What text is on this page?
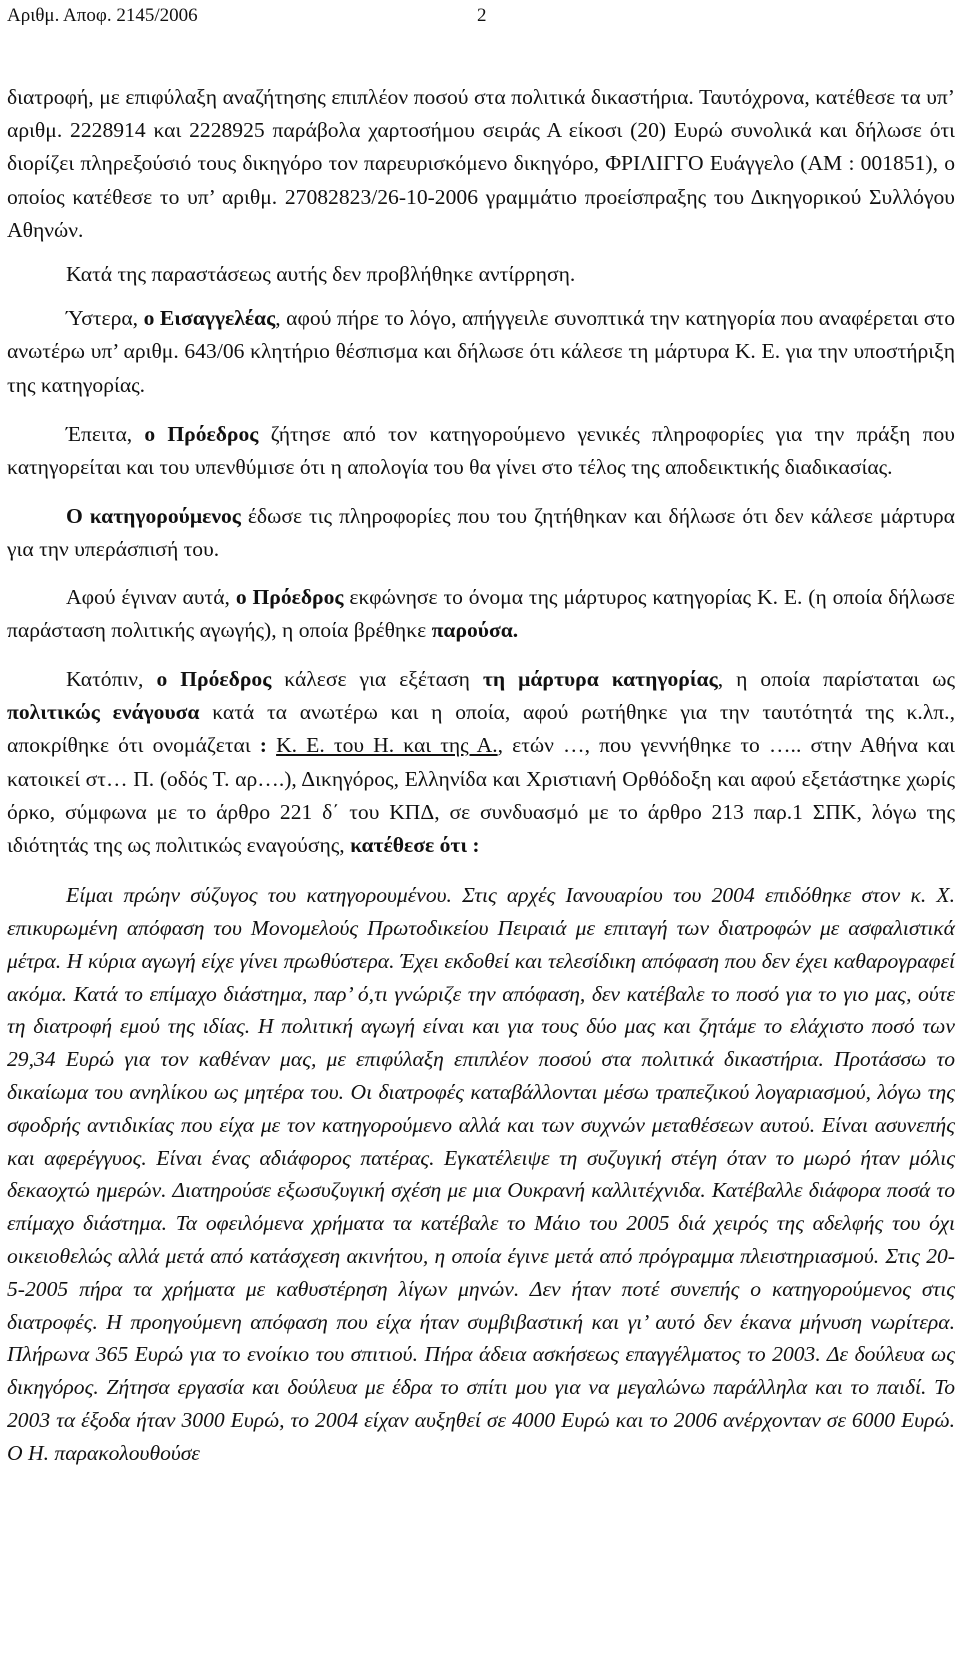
Αριθμ. Αποφ. 2145/2006	2

διατροφή, με επιφύλαξη αναζήτησης επιπλέον ποσού στα πολιτικά δικαστήρια. Ταυτόχρονα, κατέθεσε τα υπ’ αριθμ. 2228914 και 2228925 παράβολα χαρτοσήμου σειράς Α είκοσι (20) Ευρώ συνολικά και δήλωσε ότι διορίζει πληρεξούσιό τους δικηγόρο τον παρευρισκόμενο δικηγόρο, ΦΡΙΛΙΓΓΟ Ευάγγελο (ΑΜ : 001851), ο οποίος κατέθεσε το υπ’ αριθμ. 27082823/26-10-2006 γραμμάτιο προείσπραξης του Δικηγορικού Συλλόγου Αθηνών.

Κατά της παραστάσεως αυτής δεν προβλήθηκε αντίρρηση.

Ύστερα, ο Εισαγγελέας, αφού πήρε το λόγο, απήγγειλε συνοπτικά την κατηγορία που αναφέρεται στο ανωτέρω υπ’ αριθμ. 643/06 κλητήριο θέσπισμα και δήλωσε ότι κάλεσε τη μάρτυρα Κ. Ε. για την υποστήριξη της κατηγορίας.

Έπειτα, ο Πρόεδρος ζήτησε από τον κατηγορούμενο γενικές πληροφορίες για την πράξη που κατηγορείται και του υπενθύμισε ότι η απολογία του θα γίνει στο τέλος της αποδεικτικής διαδικασίας.

Ο κατηγορούμενος έδωσε τις πληροφορίες που του ζητήθηκαν και δήλωσε ότι δεν κάλεσε μάρτυρα για την υπεράσπισή του.

Αφού έγιναν αυτά, ο Πρόεδρος εκφώνησε το όνομα της μάρτυρος κατηγορίας Κ. Ε. (η οποία δήλωσε παράσταση πολιτικής αγωγής), η οποία βρέθηκε παρούσα.

Κατόπιν, ο Πρόεδρος κάλεσε για εξέταση τη μάρτυρα κατηγορίας, η οποία παρίσταται ως πολιτικώς ενάγουσα κατά τα ανωτέρω και η οποία, αφού ρωτήθηκε για την ταυτότητά της κ.λπ., αποκρίθηκε ότι ονομάζεται : Κ. Ε. του Η. και της Α., ετών …, που γεννήθηκε το ….. στην Αθήνα και κατοικεί στ… Π. (οδός Τ. αρ….), Δικηγόρος, Ελληνίδα και Χριστιανή Ορθόδοξη και αφού εξετάστηκε χωρίς όρκο, σύμφωνα με το άρθρο 221 δ΄ του ΚΠΔ, σε συνδυασμό με το άρθρο 213 παρ.1 ΣΠΚ, λόγω της ιδιότητάς της ως πολιτικώς εναγούσης, κατέθεσε ότι :

Είμαι πρώην σύζυγος του κατηγορουμένου. Στις αρχές Ιανουαρίου του 2004 επιδόθηκε στον κ. Χ. επικυρωμένη απόφαση του Μονομελούς Πρωτοδικείου Πειραιά με επιταγή των διατροφών με ασφαλιστικά μέτρα. Η κύρια αγωγή είχε γίνει πρωθύστερα. Έχει εκδοθεί και τελεσίδικη απόφαση που δεν έχει καθαρογραφεί ακόμα. Κατά το επίμαχο διάστημα, παρ’ ό,τι γνώριζε την απόφαση, δεν κατέβαλε το ποσό για το γιο μας, ούτε τη διατροφή εμού της ιδίας. Η πολιτική αγωγή είναι και για τους δύο μας και ζητάμε το ελάχιστο ποσό των 29,34 Ευρώ για τον καθέναν μας, με επιφύλαξη επιπλέον ποσού στα πολιτικά δικαστήρια. Προτάσσω το δικαίωμα του ανηλίκου ως μητέρα του. Οι διατροφές καταβάλλονται μέσω τραπεζικού λογαριασμού, λόγω της σφοδρής αντιδικίας που είχα με τον κατηγορούμενο αλλά και των συχνών μεταθέσεων αυτού. Είναι ασυνεπής και αφερέγγυος. Είναι ένας αδιάφορος πατέρας. Εγκατέλειψε τη συζυγική στέγη όταν το μωρό ήταν μόλις δεκαοχτώ ημερών. Διατηρούσε εξωσυζυγική σχέση με μια Ουκρανή καλλιτέχνιδα. Κατέβαλλε διάφορα ποσά το επίμαχο διάστημα. Τα οφειλόμενα χρήματα τα κατέβαλε το Μάιο του 2005 διά χειρός της αδελφής του όχι οικειοθελώς αλλά μετά από κατάσχεση ακινήτου, η οποία έγινε μετά από πρόγραμμα πλειστηριασμού. Στις 20-5-2005 πήρα τα χρήματα με καθυστέρηση λίγων μηνών. Δεν ήταν ποτέ συνεπής ο κατηγορούμενος στις διατροφές. Η προηγούμενη απόφαση που είχα ήταν συμβιβαστική και γι’ αυτό δεν έκανα μήνυση νωρίτερα. Πλήρωνα 365 Ευρώ για το ενοίκιο του σπιτιού. Πήρα άδεια ασκήσεως επαγγέλματος το 2003. Δε δούλευα ως δικηγόρος. Ζήτησα εργασία και δούλευα με έδρα το σπίτι μου για να μεγαλώνω παράλληλα και το παιδί. Το 2003 τα έξοδα ήταν 3000 Ευρώ, το 2004 είχαν αυξηθεί σε 4000 Ευρώ και το 2006 ανέρχονταν σε 6000 Ευρώ. Ο Η. παρακολουθούσε
